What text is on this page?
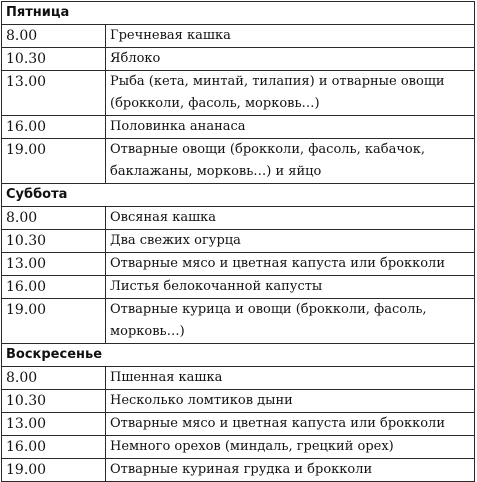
Пятница	
8.00	Гречневая кашка
10.30	Яблоко
13.00	Рыба (кета, минтай, тилапия) и отварные овощи (брокколи, фасоль, морковь…)
16.00	Половинка ананаса
19.00	Отварные овощи (брокколи, фасоль, кабачок, баклажаны, морковь…) и яйцо
Суббота	
8.00	Овсяная кашка
10.30	Два свежих огурца
13.00	Отварные мясо и цветная капуста или брокколи
16.00	Листья белокочанной капусты
19.00	Отварные курица и овощи (брокколи, фасоль, морковь…)
Воскресенье	
8.00	Пшенная кашка
10.30	Несколько ломтиков дыни
13.00	Отварные мясо и цветная капуста или брокколи
16.00	Немного орехов (миндаль, грецкий орех)
19.00	Отварные куриная грудка и брокколи
